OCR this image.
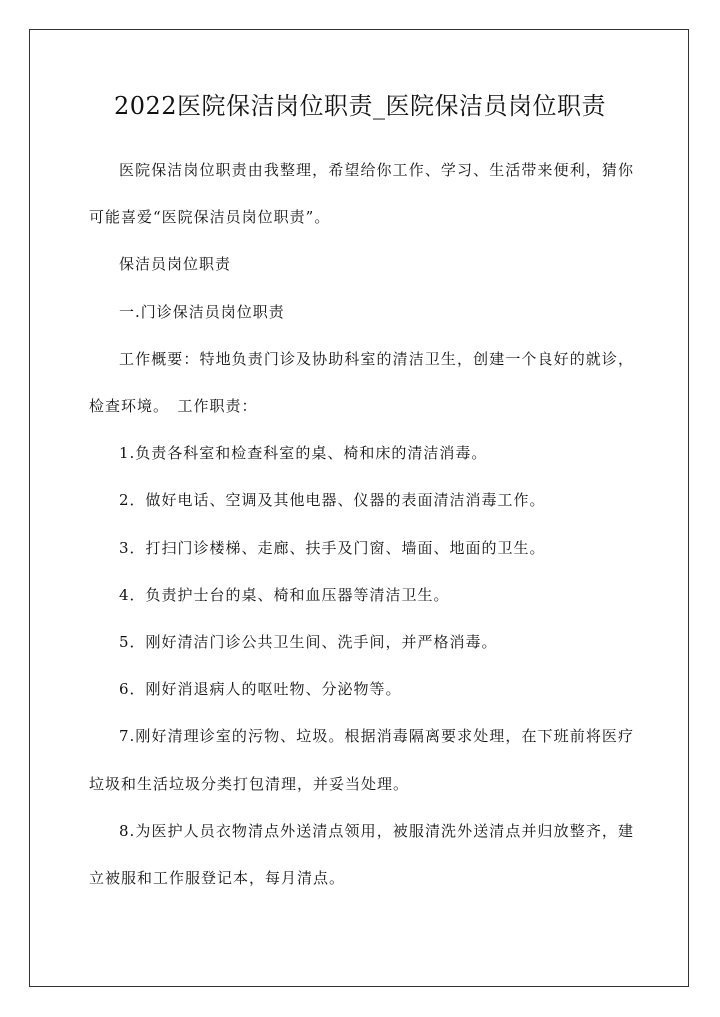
2022医院保洁岗位职责_医院保洁员岗位职责

医院保洁岗位职责由我整理，希望给你工作、学习、生活带来便利，猜你可能喜爱“医院保洁员岗位职责”。

保洁员岗位职责

一.门诊保洁员岗位职责

工作概要：特地负责门诊及协助科室的清洁卫生，创建一个良好的就诊，检查环境。　工作职责：

1.负责各科室和检查科室的桌、椅和床的清洁消毒。

2．做好电话、空调及其他电器、仪器的表面清洁消毒工作。

3．打扫门诊楼梯、走廊、扶手及门窗、墙面、地面的卫生。

4．负责护士台的桌、椅和血压器等清洁卫生。

5．刚好清洁门诊公共卫生间、洗手间，并严格消毒。

6．刚好消退病人的呕吐物、分泌物等。

7.刚好清理诊室的污物、垃圾。根据消毒隔离要求处理，在下班前将医疗垃圾和生活垃圾分类打包清理，并妥当处理。

8.为医护人员衣物清点外送清点领用，被服清洗外送清点并归放整齐，建立被服和工作服登记本，每月清点。
